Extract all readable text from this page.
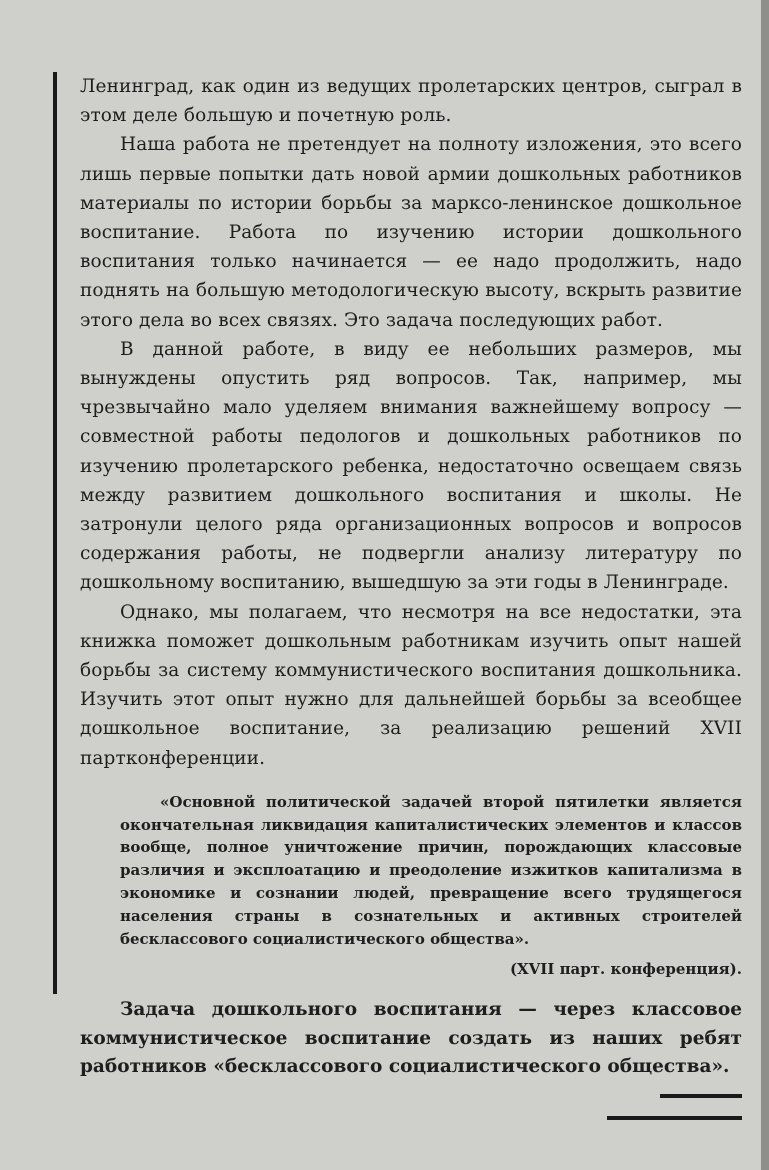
Ленинград, как один из ведущих пролетарских центров, сыграл в этом деле большую и почетную роль.

Наша работа не претендует на полноту изложения, это всего лишь первые попытки дать новой армии дошкольных работников материалы по истории борьбы за марксо-ленинское дошкольное воспитание. Работа по изучению истории дошкольного воспитания только начинается — ее надо продолжить, надо поднять на большую методологическую высоту, вскрыть развитие этого дела во всех связях. Это задача последующих работ.

В данной работе, в виду ее небольших размеров, мы вынуждены опустить ряд вопросов. Так, например, мы чрезвычайно мало уделяем внимания важнейшему вопросу — совместной работы педологов и дошкольных работников по изучению пролетарского ребенка, недостаточно освещаем связь между развитием дошкольного воспитания и школы. Не затронули целого ряда организационных вопросов и вопросов содержания работы, не подвергли анализу литературу по дошкольному воспитанию, вышедшую за эти годы в Ленинграде.

Однако, мы полагаем, что несмотря на все недостатки, эта книжка поможет дошкольным работникам изучить опыт нашей борьбы за систему коммунистического воспитания дошкольника. Изучить этот опыт нужно для дальнейшей борьбы за всеобщее дошкольное воспитание, за реализацию решений XVII партконференции.

«Основной политической задачей второй пятилетки является окончательная ликвидация капиталистических элементов и классов вообще, полное уничтожение причин, порождающих классовые различия и эксплоатацию и преодоление изжитков капитализма в экономике и сознании людей, превращение всего трудящегося населения страны в сознательных и активных строителей бесклассового социалистического общества».

(XVII парт. конференция).

Задача дошкольного воспитания — через классовое коммунистическое воспитание создать из наших ребят работников «бесклассового социалистического общества».
